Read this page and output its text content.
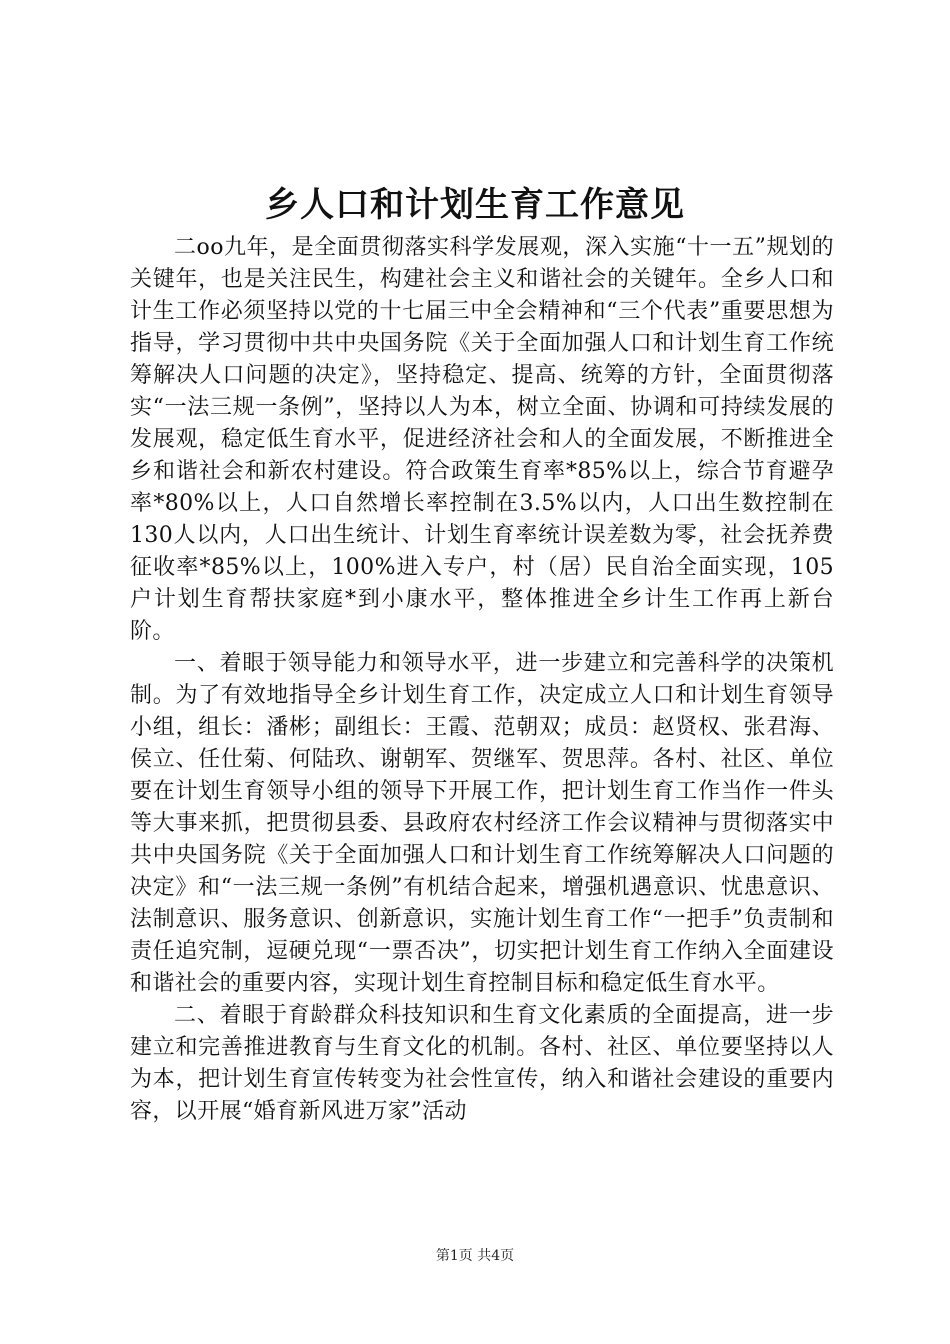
乡人口和计划生育工作意见

二oo九年，是全面贯彻落实科学发展观，深入实施“十一五”规划的关键年，也是关注民生，构建社会主义和谐社会的关键年。全乡人口和计生工作必须坚持以党的十七届三中全会精神和“三个代表”重要思想为指导，学习贯彻中共中央国务院《关于全面加强人口和计划生育工作统筹解决人口问题的决定》，坚持稳定、提高、统筹的方针，全面贯彻落实“一法三规一条例”，坚持以人为本，树立全面、协调和可持续发展的发展观，稳定低生育水平，促进经济社会和人的全面发展，不断推进全乡和谐社会和新农村建设。符合政策生育率*85%以上，综合节育避孕率*80%以上，人口自然增长率控制在3.5%以内，人口出生数控制在130人以内，人口出生统计、计划生育率统计误差数为零，社会抚养费征收率*85%以上，100%进入专户，村（居）民自治全面实现，105户计划生育帮扶家庭*到小康水平，整体推进全乡计生工作再上新台阶。

一、着眼于领导能力和领导水平，进一步建立和完善科学的决策机制。为了有效地指导全乡计划生育工作，决定成立人口和计划生育领导小组，组长：潘彬；副组长：王霞、范朝双；成员：赵贤权、张君海、侯立、任仕菊、何陆玖、谢朝军、贺继军、贺思萍。各村、社区、单位要在计划生育领导小组的领导下开展工作，把计划生育工作当作一件头等大事来抓，把贯彻县委、县政府农村经济工作会议精神与贯彻落实中共中央国务院《关于全面加强人口和计划生育工作统筹解决人口问题的决定》和“一法三规一条例”有机结合起来，增强机遇意识、忧患意识、法制意识、服务意识、创新意识，实施计划生育工作“一把手”负责制和责任追究制，逗硬兑现“一票否决”，切实把计划生育工作纳入全面建设和谐社会的重要内容，实现计划生育控制目标和稳定低生育水平。

二、着眼于育龄群众科技知识和生育文化素质的全面提高，进一步建立和完善推进教育与生育文化的机制。各村、社区、单位要坚持以人为本，把计划生育宣传转变为社会性宣传，纳入和谐社会建设的重要内容，以开展“婚育新风进万家”活动

第1页 共4页
